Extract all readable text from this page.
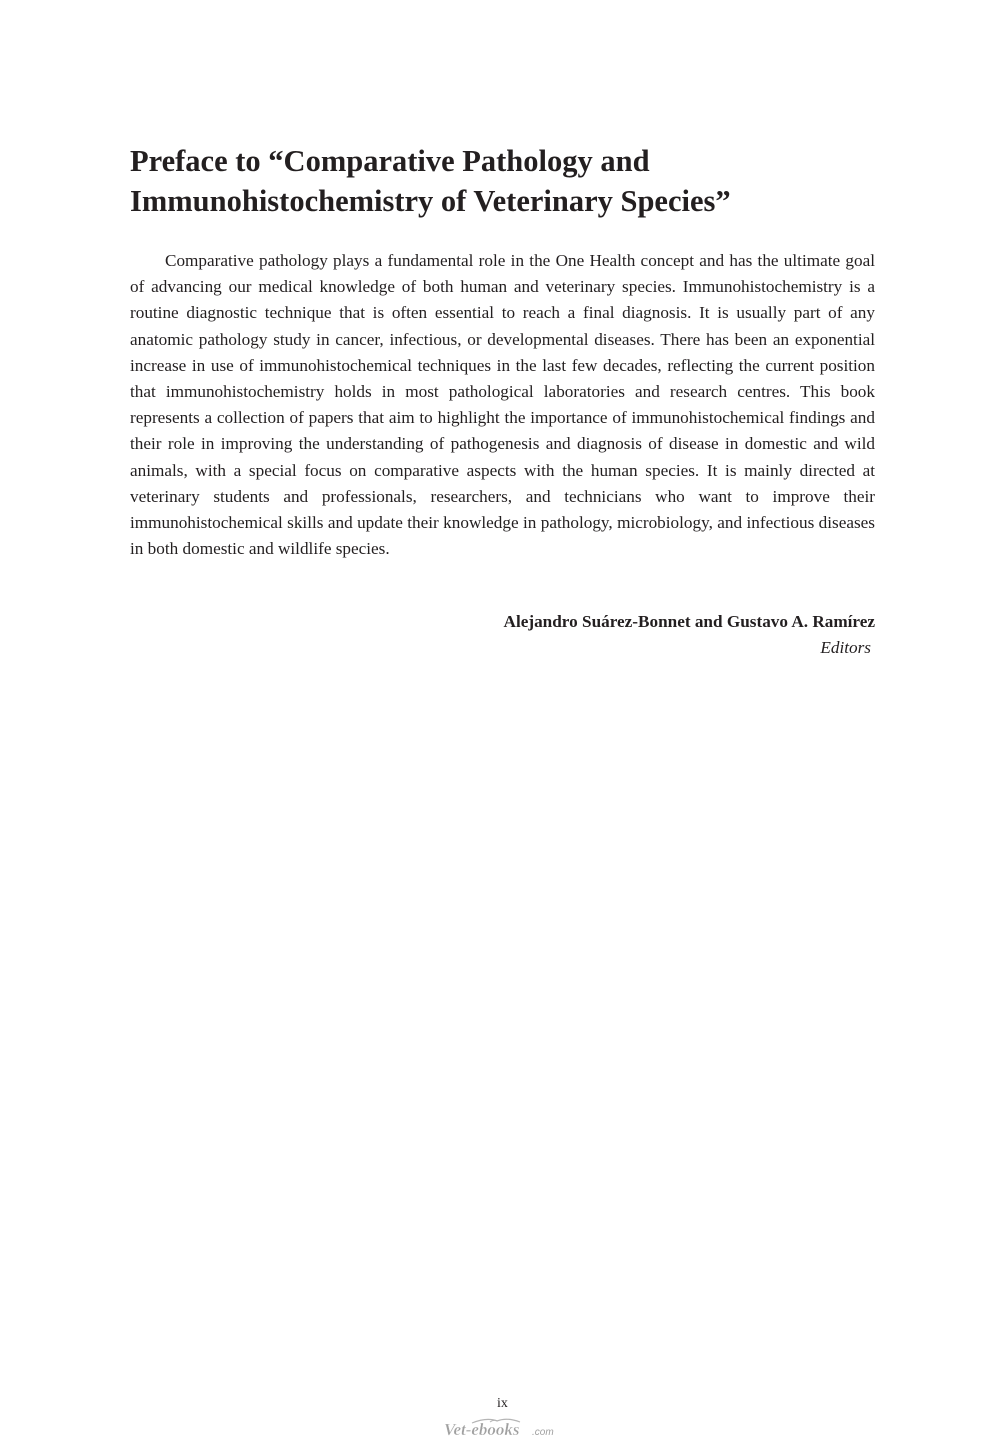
Preface to “Comparative Pathology and
Immunohistochemistry of Veterinary Species”

Comparative pathology plays a fundamental role in the One Health concept and has the ultimate goal of advancing our medical knowledge of both human and veterinary species. Immunohistochemistry is a routine diagnostic technique that is often essential to reach a final diagnosis. It is usually part of any anatomic pathology study in cancer, infectious, or developmental diseases. There has been an exponential increase in use of immunohistochemical techniques in the last few decades, reflecting the current position that immunohistochemistry holds in most pathological laboratories and research centres. This book represents a collection of papers that aim to highlight the importance of immunohistochemical findings and their role in improving the understanding of pathogenesis and diagnosis of disease in domestic and wild animals, with a special focus on comparative aspects with the human species. It is mainly directed at veterinary students and professionals, researchers, and technicians who want to improve their immunohistochemical skills and update their knowledge in pathology, microbiology, and infectious diseases in both domestic and wildlife species.

Alejandro Suárez-Bonnet and Gustavo A. Ramírez
Editors
ix
Vet-ebooks .com
